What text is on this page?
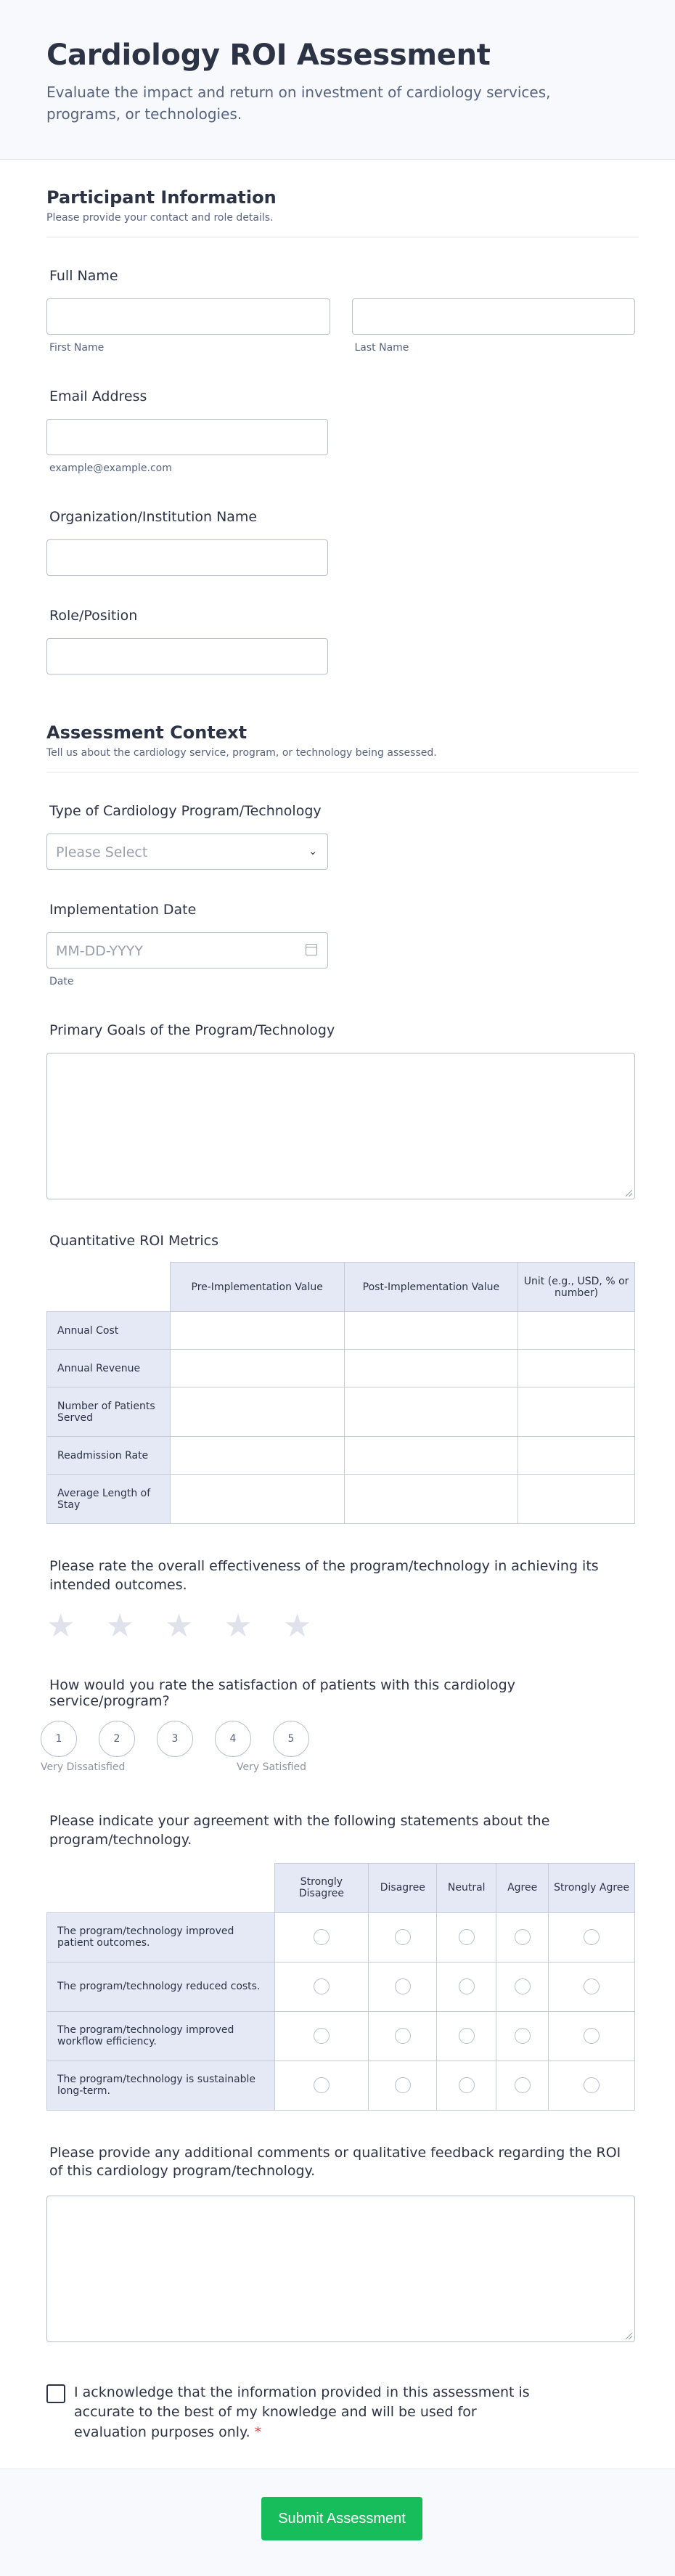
Cardiology ROI Assessment

Evaluate the impact and return on investment of cardiology services, programs, or technologies.

Participant Information

Please provide your contact and role details.

Full Name
First Name	Last Name
Email Address
example@example.com
Organization/Institution Name
Role/Position
Assessment Context

Tell us about the cardiology service, program, or technology being assessed.

Type of Cardiology Program/Technology
Please Select	⌄
Implementation Date
MM-DD-YYYY
Date
Primary Goals of the Program/Technology
Quantitative ROI Metrics
	Pre-Implementation Value	Post-Implementation Value	Unit (e.g., USD, % or number)
Annual Cost			
Annual Revenue			
Number of Patients Served			
Readmission Rate			
Average Length of Stay			
Please rate the overall effectiveness of the program/technology in achieving its intended outcomes.
★ ★ ★ ★ ★
How would you rate the satisfaction of patients with this cardiology service/program?
1	2	3	4	5
Very Dissatisfied	Very Satisfied
Please indicate your agreement with the following statements about the program/technology.
	Strongly Disagree	Disagree	Neutral	Agree	Strongly Agree
The program/technology improved patient outcomes.	

The program/technology reduced costs.	

The program/technology improved workflow efficiency.	

The program/technology is sustainable long-term.	

Please provide any additional comments or qualitative feedback regarding the ROI of this cardiology program/technology.
I acknowledge that the information provided in this assessment is accurate to the best of my knowledge and will be used for evaluation purposes only. *
Submit Assessment
